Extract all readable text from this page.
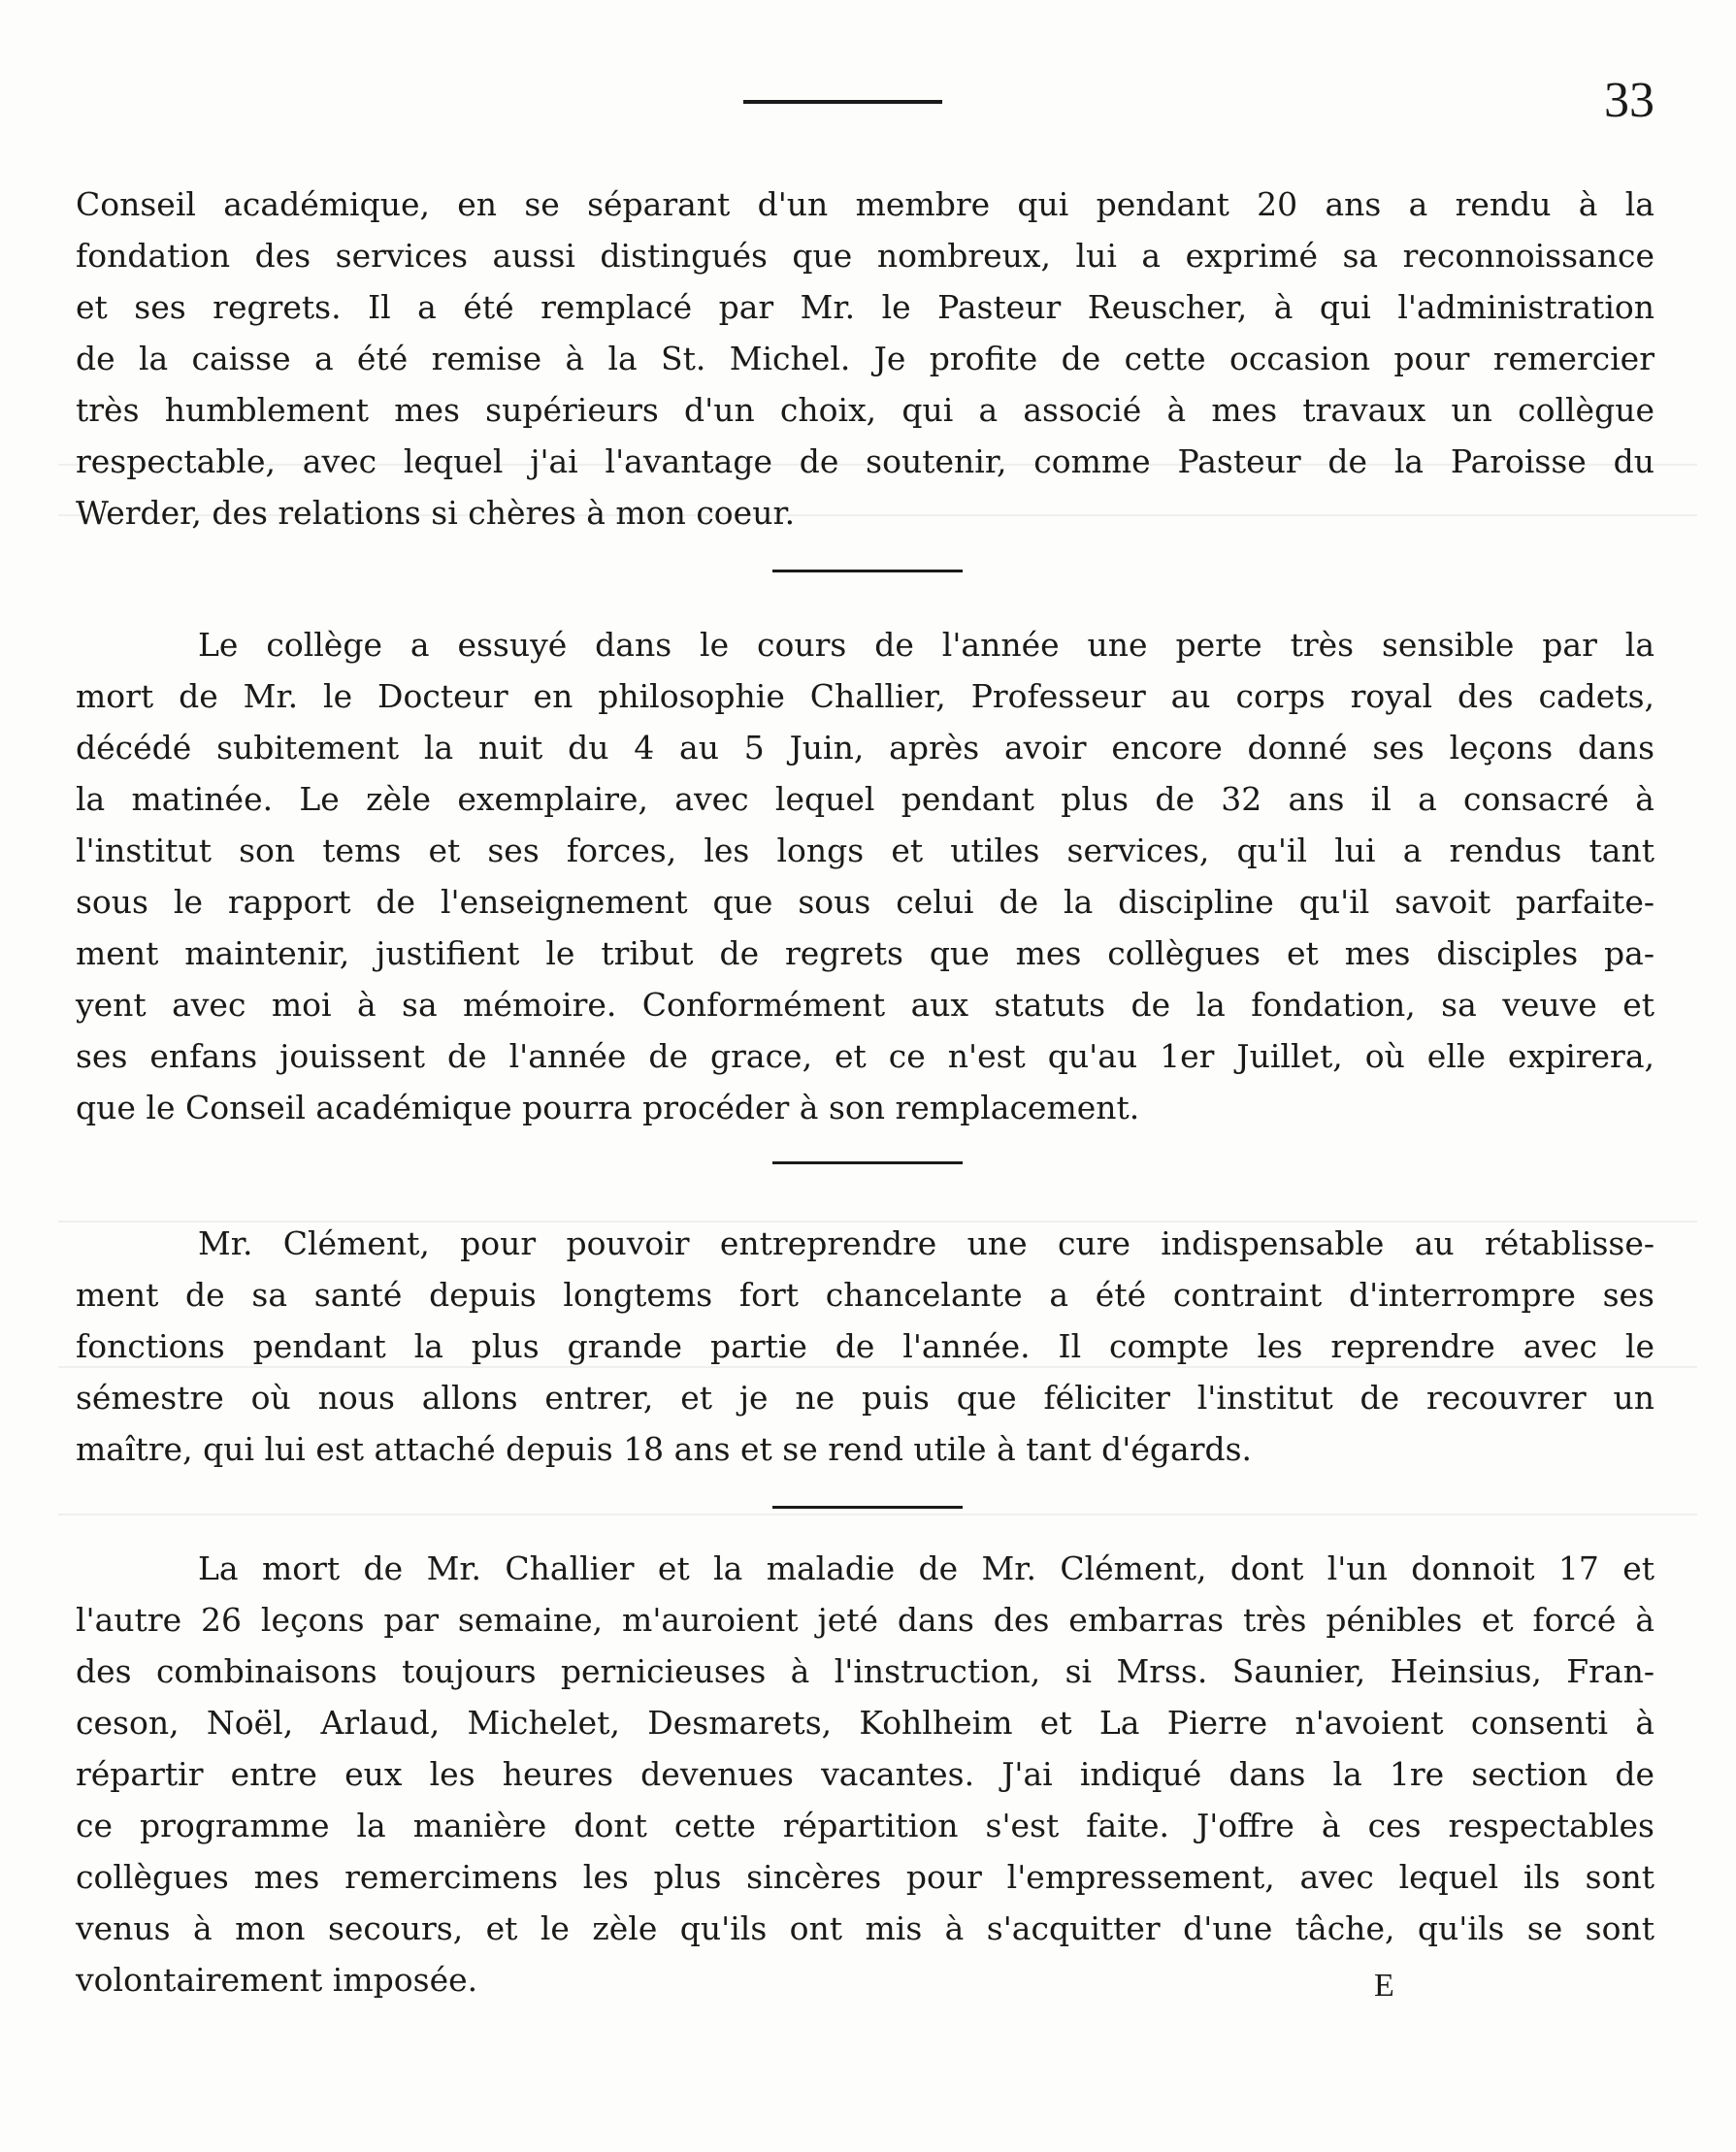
33
Conseil académique, en se séparant d'un membre qui pendant 20 ans a rendu à la
fondation des services aussi distingués que nombreux, lui a exprimé sa reconnoissance
et ses regrets. Il a été remplacé par Mr. le Pasteur Reuscher, à qui l'administration
de la caisse a été remise à la St. Michel. Je profite de cette occasion pour remercier
très humblement mes supérieurs d'un choix, qui a associé à mes travaux un collègue
respectable, avec lequel j'ai l'avantage de soutenir, comme Pasteur de la Paroisse du
Werder, des relations si chères à mon coeur.
Le collège a essuyé dans le cours de l'année une perte très sensible par la
mort de Mr. le Docteur en philosophie Challier, Professeur au corps royal des cadets,
décédé subitement la nuit du 4 au 5 Juin, après avoir encore donné ses leçons dans
la matinée. Le zèle exemplaire, avec lequel pendant plus de 32 ans il a consacré à
l'institut son tems et ses forces, les longs et utiles services, qu'il lui a rendus tant
sous le rapport de l'enseignement que sous celui de la discipline qu'il savoit parfaite-
ment maintenir, justifient le tribut de regrets que mes collègues et mes disciples pa-
yent avec moi à sa mémoire. Conformément aux statuts de la fondation, sa veuve et
ses enfans jouissent de l'année de grace, et ce n'est qu'au 1er Juillet, où elle expirera,
que le Conseil académique pourra procéder à son remplacement.
Mr. Clément, pour pouvoir entreprendre une cure indispensable au rétablisse-
ment de sa santé depuis longtems fort chancelante a été contraint d'interrompre ses
fonctions pendant la plus grande partie de l'année. Il compte les reprendre avec le
sémestre où nous allons entrer, et je ne puis que féliciter l'institut de recouvrer un
maître, qui lui est attaché depuis 18 ans et se rend utile à tant d'égards.
La mort de Mr. Challier et la maladie de Mr. Clément, dont l'un donnoit 17 et
l'autre 26 leçons par semaine, m'auroient jeté dans des embarras très pénibles et forcé à
des combinaisons toujours pernicieuses à l'instruction, si Mrss. Saunier, Heinsius, Fran-
ceson, Noël, Arlaud, Michelet, Desmarets, Kohlheim et La Pierre n'avoient consenti à
répartir entre eux les heures devenues vacantes. J'ai indiqué dans la 1re section de
ce programme la manière dont cette répartition s'est faite. J'offre à ces respectables
collègues mes remercimens les plus sincères pour l'empressement, avec lequel ils sont
venus à mon secours, et le zèle qu'ils ont mis à s'acquitter d'une tâche, qu'ils se sont
volontairement imposée.	E
